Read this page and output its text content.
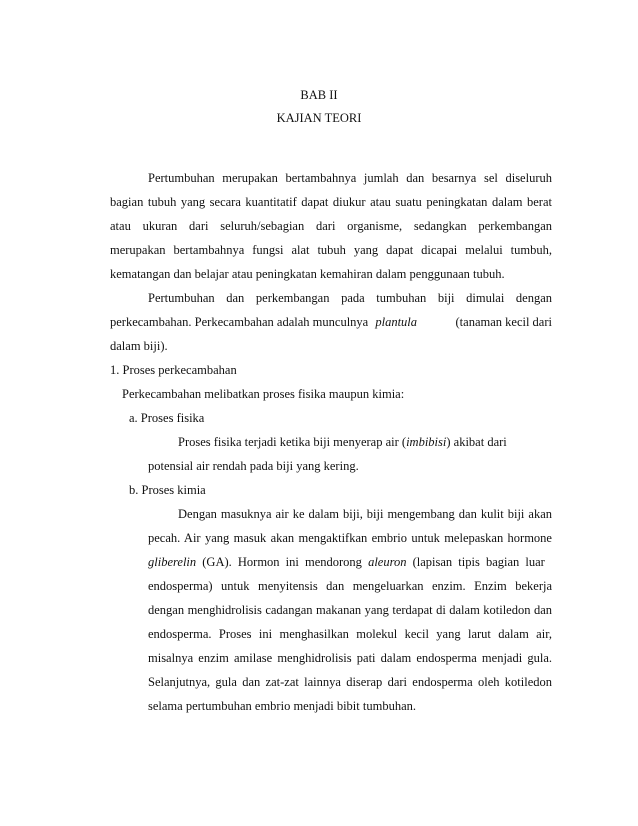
BAB II
KAJIAN TEORI
Pertumbuhan merupakan bertambahnya jumlah dan besarnya sel diseluruh
bagian tubuh yang secara kuantitatif dapat diukur atau suatu peningkatan dalam berat
atau ukuran dari seluruh/sebagian dari organisme, sedangkan perkembangan
merupakan bertambahnya fungsi alat tubuh yang dapat dicapai melalui tumbuh,
kematangan dan belajar atau peningkatan kemahiran dalam penggunaan tubuh.
Pertumbuhan dan perkembangan pada tumbuhan biji dimulai dengan
perkecambahan. Perkecambahan adalah munculnya plantula	(tanaman kecil dari
dalam biji).
1. Proses perkecambahan
Perkecambahan melibatkan proses fisika maupun kimia:
a. Proses fisika
Proses fisika terjadi ketika biji menyerap air (imbibisi) akibat dari
potensial air rendah pada biji yang kering.
b. Proses kimia
Dengan masuknya air ke dalam biji, biji mengembang dan kulit biji akan
pecah. Air yang masuk akan mengaktifkan embrio untuk melepaskan hormone
gliberelin (GA). Hormon ini mendorong aleuron (lapisan tipis bagian luar
endosperma) untuk menyitensis dan mengeluarkan enzim. Enzim bekerja
dengan menghidrolisis cadangan makanan yang terdapat di dalam kotiledon dan
endosperma. Proses ini menghasilkan molekul kecil yang larut dalam air,
misalnya enzim amilase menghidrolisis pati dalam endosperma menjadi gula.
Selanjutnya, gula dan zat-zat lainnya diserap dari endosperma oleh kotiledon
selama pertumbuhan embrio menjadi bibit tumbuhan.
